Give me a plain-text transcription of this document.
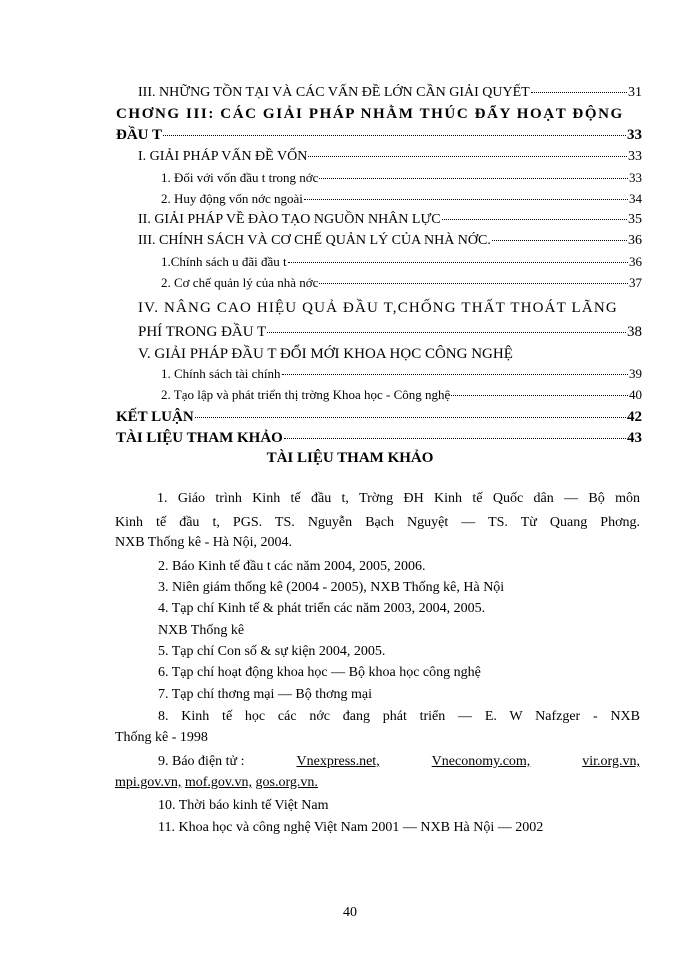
III. NHỮNG TỒN TẠI VÀ CÁC VẤN ĐỀ LỚN CẦN GIẢI QUYẾT	31
CHƠNG III: CÁC GIẢI PHÁP NHẰM THÚC ĐẨY HOẠT ĐỘNG
ĐẦU T	33
I. GIẢI PHÁP VẤN ĐỀ VỐN	33
1. Đối với vốn đầu t trong nớc	33
2. Huy động vốn nớc ngoài	34
II. GIẢI PHÁP VỀ ĐÀO TẠO NGUỒN NHÂN LỰC	35
III. CHÍNH SÁCH VÀ CƠ CHẾ QUẢN LÝ CỦA NHÀ NỚC.	36
1.Chính sách u đãi đầu t	36
2. Cơ chế quản lý của nhà nớc	37
IV. NÂNG CAO HIỆU QUẢ ĐẦU T,CHỐNG THẤT THOÁT LÃNG
PHÍ TRONG ĐẦU T	38
V. GIẢI PHÁP ĐẦU T ĐỔI MỚI KHOA HỌC CÔNG NGHỆ
1. Chính sách tài chính	39
2. Tạo lập và phát triển thị trờng Khoa học - Công nghệ	40
KẾT LUẬN	42
TÀI LIỆU THAM KHẢO	43
TÀI LIỆU THAM KHẢO
1. Giáo trình Kinh tế đầu t, Trờng ĐH Kinh tế Quốc dân — Bộ môn
Kinh tế đầu t, PGS. TS. Nguyễn Bạch Nguyệt — TS. Từ Quang Phơng.
NXB Thống kê - Hà Nội, 2004.
2. Báo Kinh tế đầu t các năm 2004, 2005, 2006.
3. Niên giám thống kê (2004 - 2005), NXB Thống kê, Hà Nội
4. Tạp chí Kinh tế & phát triển các năm 2003, 2004, 2005.
NXB Thống kê
5. Tạp chí Con số & sự kiện 2004, 2005.
6. Tạp chí hoạt động khoa học — Bộ khoa học công nghệ
7. Tạp chí thơng mại — Bộ thơng mại
8. Kinh tế học các nớc đang phát triển — E. W Nafzger - NXB
Thống kê - 1998
9. Báo điện tử :	Vnexpress.net,	Vneconomy.com,	vir.org.vn,
mpi.gov.vn, mof.gov.vn, gos.org.vn.
10. Thời báo kinh tế Việt Nam
11. Khoa học và công nghệ Việt Nam 2001 — NXB Hà Nội — 2002
40
